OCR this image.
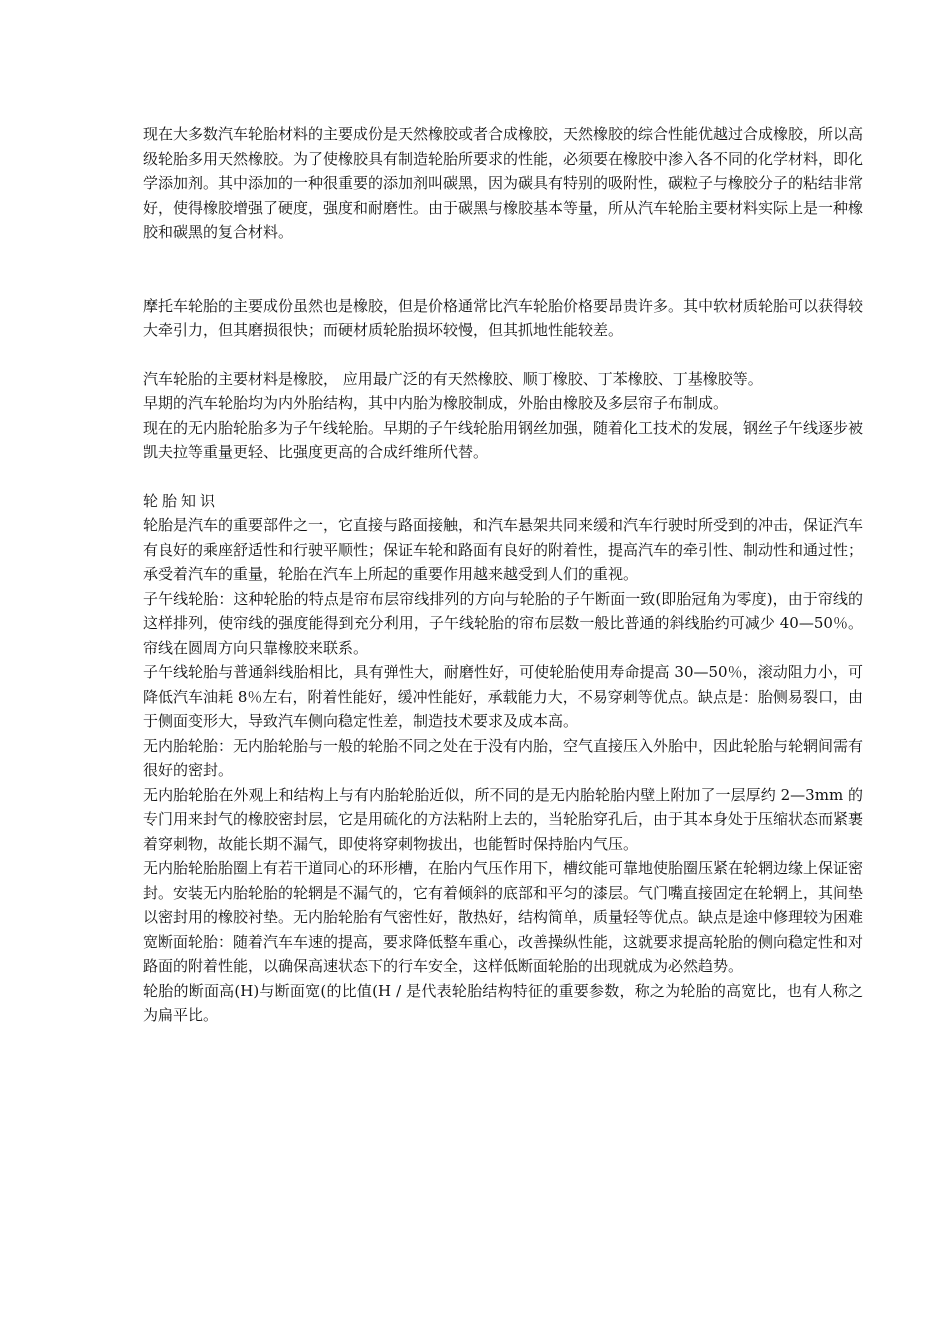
现在大多数汽车轮胎材料的主要成份是天然橡胶或者合成橡胶，天然橡胶的综合性能优越过合成橡胶，所以高级轮胎多用天然橡胶。为了使橡胶具有制造轮胎所要求的性能，必须要在橡胶中渗入各不同的化学材料，即化学添加剂。其中添加的一种很重要的添加剂叫碳黑，因为碳具有特别的吸附性，碳粒子与橡胶分子的粘结非常好，使得橡胶增强了硬度，强度和耐磨性。由于碳黑与橡胶基本等量，所从汽车轮胎主要材料实际上是一种橡胶和碳黑的复合材料。

摩托车轮胎的主要成份虽然也是橡胶，但是价格通常比汽车轮胎价格要昂贵许多。其中软材质轮胎可以获得较大牵引力，但其磨损很快；而硬材质轮胎损坏较慢，但其抓地性能较差。

汽车轮胎的主要材料是橡胶， 应用最广泛的有天然橡胶、顺丁橡胶、丁苯橡胶、丁基橡胶等。

早期的汽车轮胎均为内外胎结构，其中内胎为橡胶制成，外胎由橡胶及多层帘子布制成。

现在的无内胎轮胎多为子午线轮胎。早期的子午线轮胎用钢丝加强，随着化工技术的发展，钢丝子午线逐步被凯夫拉等重量更轻、比强度更高的合成纤维所代替。

轮胎知识

轮胎是汽车的重要部件之一，它直接与路面接触，和汽车悬架共同来缓和汽车行驶时所受到的冲击，保证汽车有良好的乘座舒适性和行驶平顺性；保证车轮和路面有良好的附着性，提高汽车的牵引性、制动性和通过性；承受着汽车的重量，轮胎在汽车上所起的重要作用越来越受到人们的重视。

子午线轮胎：这种轮胎的特点是帘布层帘线排列的方向与轮胎的子午断面一致(即胎冠角为零度)，由于帘线的这样排列，使帘线的强度能得到充分利用，子午线轮胎的帘布层数一般比普通的斜线胎约可减少 40—50％。帘线在圆周方向只靠橡胶来联系。

子午线轮胎与普通斜线胎相比，具有弹性大，耐磨性好，可使轮胎使用寿命提高 30—50％，滚动阻力小，可降低汽车油耗 8％左右，附着性能好，缓冲性能好，承载能力大，不易穿刺等优点。缺点是：胎侧易裂口，由于侧面变形大，导致汽车侧向稳定性差，制造技术要求及成本高。

无内胎轮胎：无内胎轮胎与一般的轮胎不同之处在于没有内胎，空气直接压入外胎中，因此轮胎与轮辋间需有很好的密封。

无内胎轮胎在外观上和结构上与有内胎轮胎近似，所不同的是无内胎轮胎内壁上附加了一层厚约 2—3mm 的专门用来封气的橡胶密封层，它是用硫化的方法粘附上去的，当轮胎穿孔后，由于其本身处于压缩状态而紧裹着穿刺物，故能长期不漏气，即使将穿刺物拔出，也能暂时保持胎内气压。

无内胎轮胎胎圈上有若干道同心的环形槽，在胎内气压作用下，槽纹能可靠地使胎圈压紧在轮辋边缘上保证密封。安装无内胎轮胎的轮辋是不漏气的，它有着倾斜的底部和平匀的漆层。气门嘴直接固定在轮辋上，其间垫以密封用的橡胶衬垫。无内胎轮胎有气密性好，散热好，结构简单，质量轻等优点。缺点是途中修理较为困难

宽断面轮胎：随着汽车车速的提高，要求降低整车重心，改善操纵性能，这就要求提高轮胎的侧向稳定性和对路面的附着性能，以确保高速状态下的行车安全，这样低断面轮胎的出现就成为必然趋势。

轮胎的断面高(H)与断面宽(的比值(H / 是代表轮胎结构特征的重要参数，称之为轮胎的高宽比，也有人称之为扁平比。
